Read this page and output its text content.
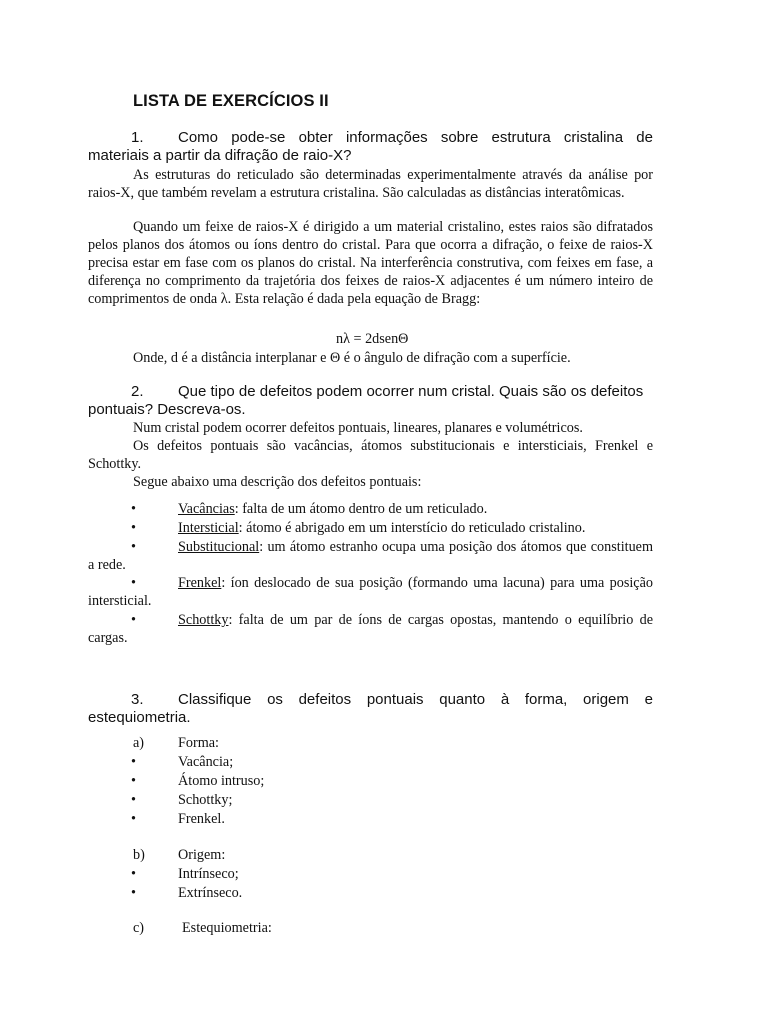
LISTA DE EXERCÍCIOS II
1. Como pode-se obter informações sobre estrutura cristalina de
materiais a partir da difração de raio-X?
As estruturas do reticulado são determinadas experimentalmente através da análise por raios-X, que também revelam a estrutura cristalina. São calculadas as distâncias interatômicas.
Quando um feixe de raios-X é dirigido a um material cristalino, estes raios são difratados pelos planos dos átomos ou íons dentro do cristal. Para que ocorra a difração, o feixe de raios-X precisa estar em fase com os planos do cristal. Na interferência construtiva, com feixes em fase, a diferença no comprimento da trajetória dos feixes de raios-X adjacentes é um número inteiro de comprimentos de onda λ. Esta relação é dada pela equação de Bragg:
nλ = 2dsenΘ
Onde, d é a distância interplanar e Θ é o ângulo de difração com a superfície.
2. Que tipo de defeitos podem ocorrer num cristal. Quais são os defeitos
pontuais? Descreva-os.
Num cristal podem ocorrer defeitos pontuais, lineares, planares e volumétricos.
Os defeitos pontuais são vacâncias, átomos substitucionais e intersticiais, Frenkel e Schottky.
Segue abaixo uma descrição dos defeitos pontuais:
•	Vacâncias: falta de um átomo dentro de um reticulado.
•	Intersticial: átomo é abrigado em um interstício do reticulado cristalino.
•	Substitucional: um átomo estranho ocupa uma posição dos átomos que constituem a rede.
•	Frenkel: íon deslocado de sua posição (formando uma lacuna) para uma posição intersticial.
•	Schottky: falta de um par de íons de cargas opostas, mantendo o equilíbrio de cargas.
3. Classifique os defeitos pontuais quanto à forma, origem e
estequiometria.
a) Forma:
•	Vacância;
•	Átomo intruso;
•	Schottky;
•	Frenkel.
b) Origem:
•	Intrínseco;
•	Extrínseco.
c)	Estequiometria:
